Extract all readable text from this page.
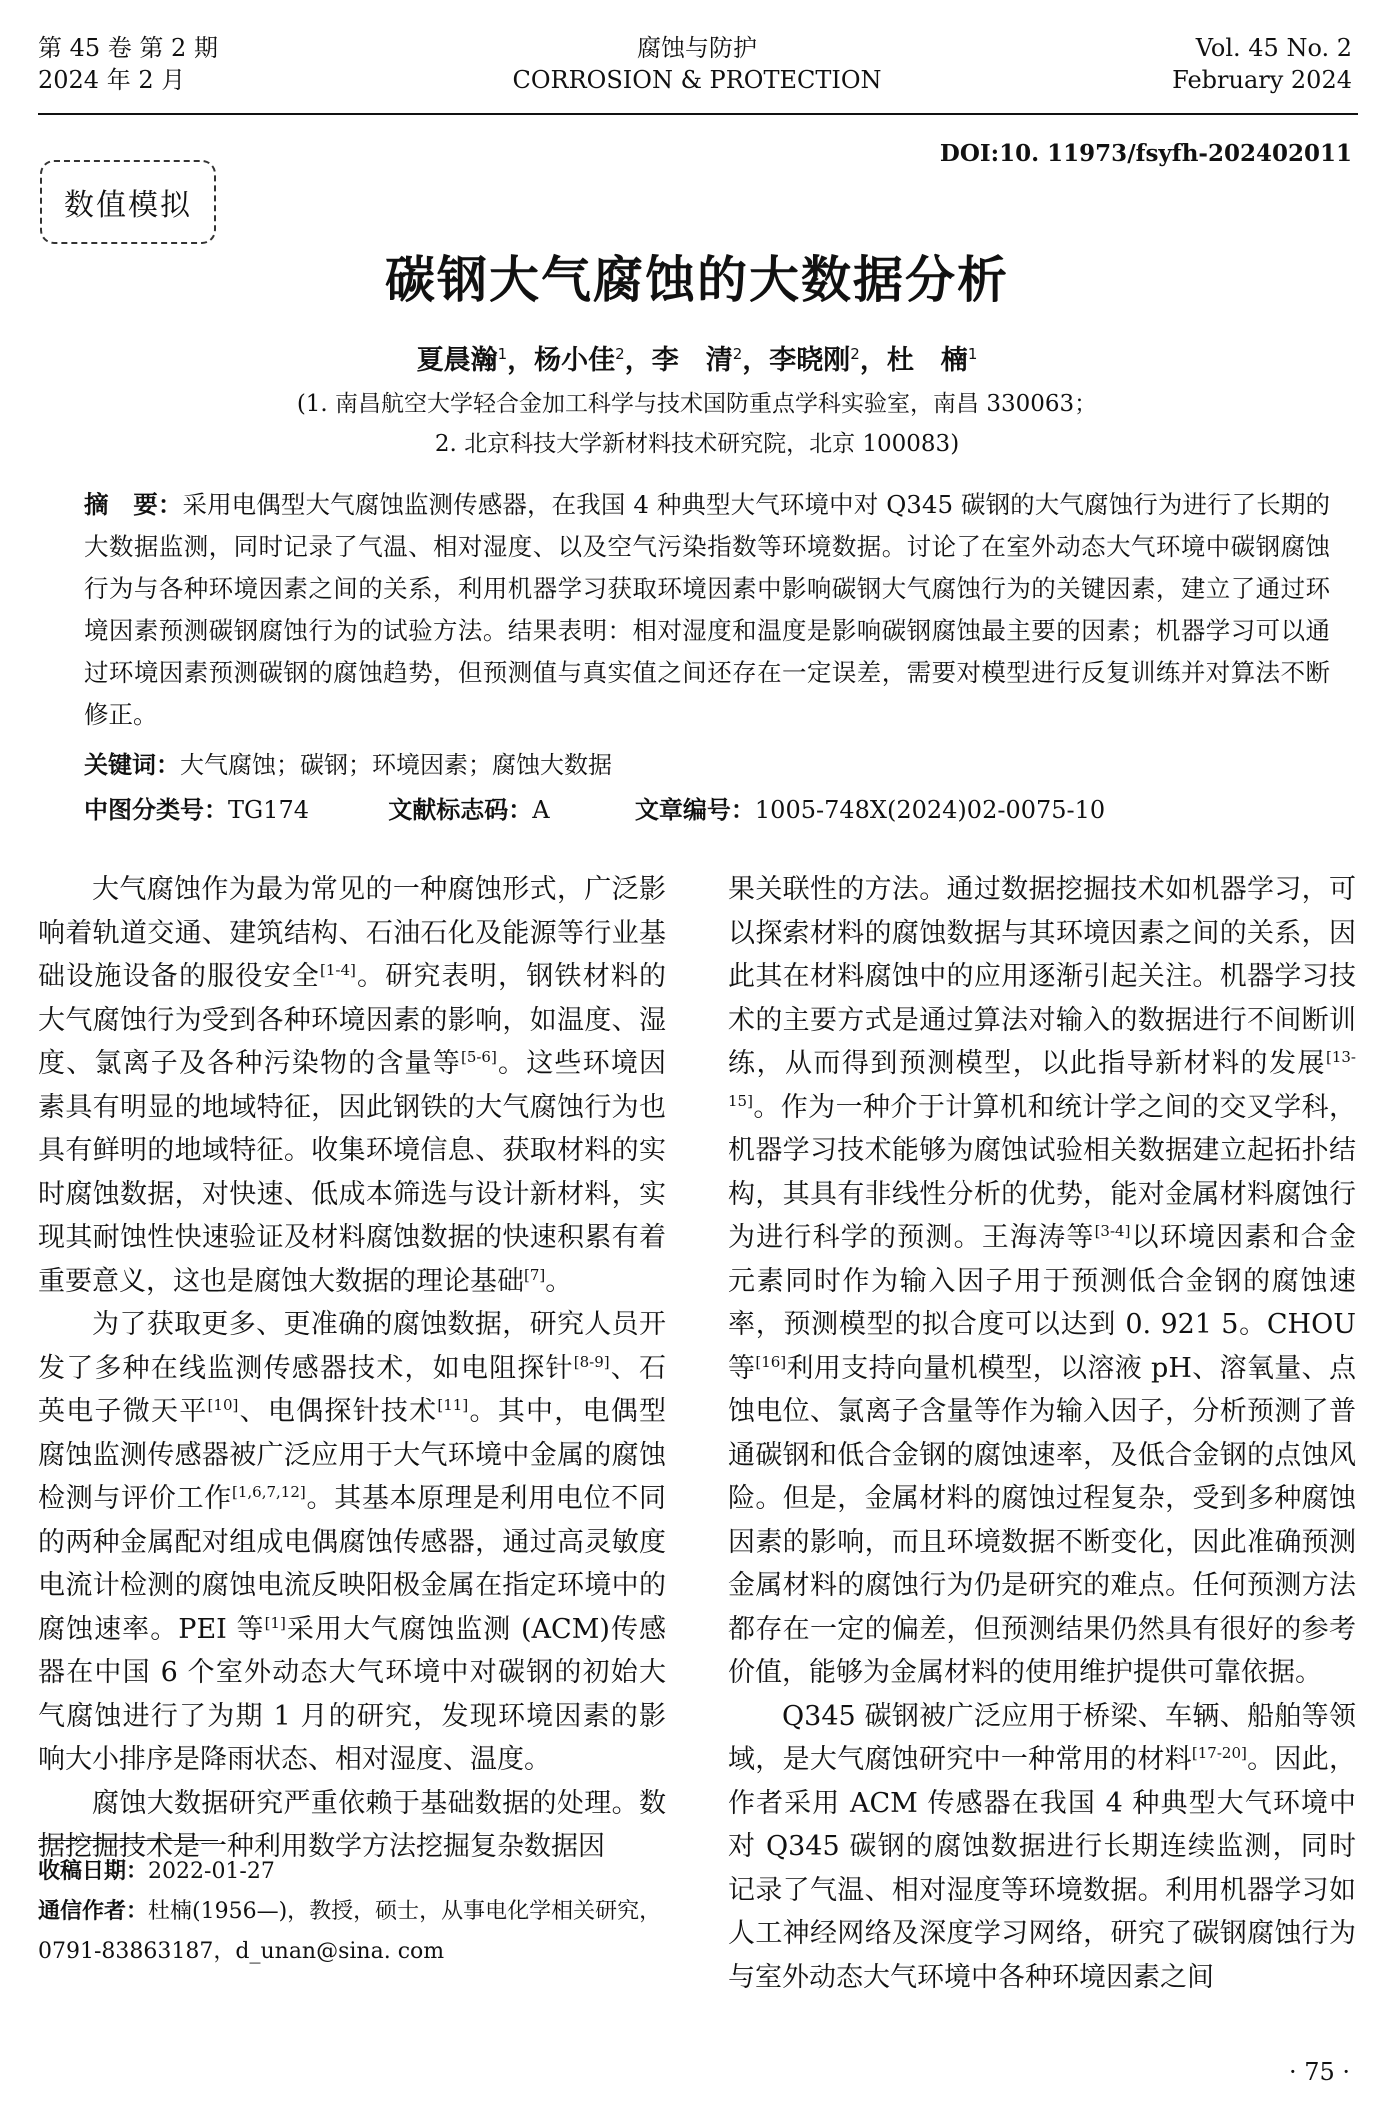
第 45 卷 第 2 期
2024 年 2 月
腐蚀与防护
CORROSION & PROTECTION
Vol. 45 No. 2
February 2024
DOI:10. 11973/fsyfh-202402011
数值模拟
碳钢大气腐蚀的大数据分析
夏晨瀚$^1$，杨小佳$^2$，李　清$^2$，李晓刚$^2$，杜　楠$^1$
(1. 南昌航空大学轻合金加工科学与技术国防重点学科实验室，南昌 330063；
2. 北京科技大学新材料技术研究院，北京 100083)
摘　要：采用电偶型大气腐蚀监测传感器，在我国 4 种典型大气环境中对 Q345 碳钢的大气腐蚀行为进行了长期的大数据监测，同时记录了气温、相对湿度、以及空气污染指数等环境数据。讨论了在室外动态大气环境中碳钢腐蚀行为与各种环境因素之间的关系，利用机器学习获取环境因素中影响碳钢大气腐蚀行为的关键因素，建立了通过环境因素预测碳钢腐蚀行为的试验方法。结果表明：相对湿度和温度是影响碳钢腐蚀最主要的因素；机器学习可以通过环境因素预测碳钢的腐蚀趋势，但预测值与真实值之间还存在一定误差，需要对模型进行反复训练并对算法不断修正。
关键词：大气腐蚀；碳钢；环境因素；腐蚀大数据
中图分类号：TG174	文献标志码：A	文章编号：1005-748X(2024)02-0075-10

大气腐蚀作为最为常见的一种腐蚀形式，广泛影响着轨道交通、建筑结构、石油石化及能源等行业基础设施设备的服役安全[1-4]。研究表明，钢铁材料的大气腐蚀行为受到各种环境因素的影响，如温度、湿度、氯离子及各种污染物的含量等[5-6]。这些环境因素具有明显的地域特征，因此钢铁的大气腐蚀行为也具有鲜明的地域特征。收集环境信息、获取材料的实时腐蚀数据，对快速、低成本筛选与设计新材料，实现其耐蚀性快速验证及材料腐蚀数据的快速积累有着重要意义，这也是腐蚀大数据的理论基础[7]。

为了获取更多、更准确的腐蚀数据，研究人员开发了多种在线监测传感器技术，如电阻探针[8-9]、石英电子微天平[10]、电偶探针技术[11]。其中，电偶型腐蚀监测传感器被广泛应用于大气环境中金属的腐蚀检测与评价工作[1,6,7,12]。其基本原理是利用电位不同的两种金属配对组成电偶腐蚀传感器，通过高灵敏度电流计检测的腐蚀电流反映阳极金属在指定环境中的腐蚀速率。PEI 等[1]采用大气腐蚀监测 (ACM)传感器在中国 6 个室外动态大气环境中对碳钢的初始大气腐蚀进行了为期 1 月的研究，发现环境因素的影响大小排序是降雨状态、相对湿度、温度。

腐蚀大数据研究严重依赖于基础数据的处理。数据挖掘技术是一种利用数学方法挖掘复杂数据因

果关联性的方法。通过数据挖掘技术如机器学习，可以探索材料的腐蚀数据与其环境因素之间的关系，因此其在材料腐蚀中的应用逐渐引起关注。机器学习技术的主要方式是通过算法对输入的数据进行不间断训练，从而得到预测模型，以此指导新材料的发展[13-15]。作为一种介于计算机和统计学之间的交叉学科，机器学习技术能够为腐蚀试验相关数据建立起拓扑结构，其具有非线性分析的优势，能对金属材料腐蚀行为进行科学的预测。王海涛等[3-4]以环境因素和合金元素同时作为输入因子用于预测低合金钢的腐蚀速率，预测模型的拟合度可以达到 0. 921 5。CHOU 等[16]利用支持向量机模型，以溶液 pH、溶氧量、点蚀电位、氯离子含量等作为输入因子，分析预测了普通碳钢和低合金钢的腐蚀速率，及低合金钢的点蚀风险。但是，金属材料的腐蚀过程复杂，受到多种腐蚀因素的影响，而且环境数据不断变化，因此准确预测金属材料的腐蚀行为仍是研究的难点。任何预测方法都存在一定的偏差，但预测结果仍然具有很好的参考价值，能够为金属材料的使用维护提供可靠依据。

Q345 碳钢被广泛应用于桥梁、车辆、船舶等领域，是大气腐蚀研究中一种常用的材料[17-20]。因此，作者采用 ACM 传感器在我国 4 种典型大气环境中对 Q345 碳钢的腐蚀数据进行长期连续监测，同时记录了气温、相对湿度等环境数据。利用机器学习如人工神经网络及深度学习网络，研究了碳钢腐蚀行为与室外动态大气环境中各种环境因素之间

收稿日期：2022-01-27
通信作者：杜楠(1956—)，教授，硕士，从事电化学相关研究，0791-83863187，d_unan@sina. com
· 75 ·
